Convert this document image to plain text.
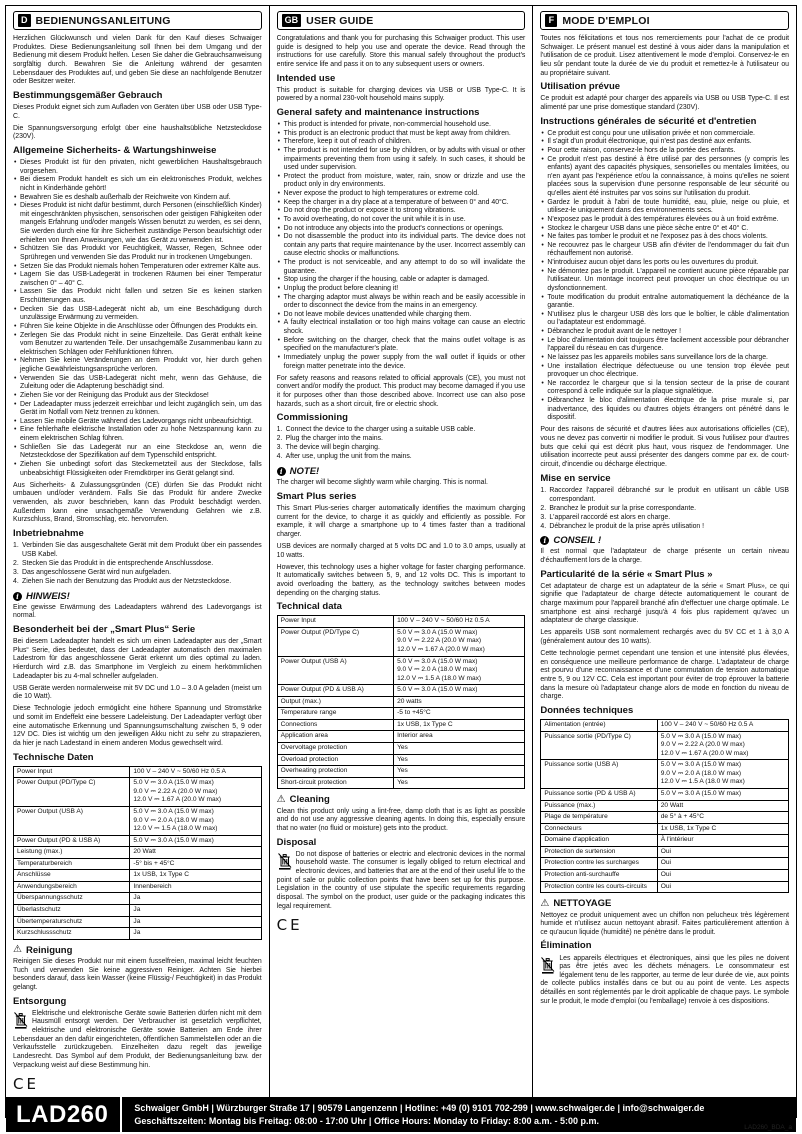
D BEDIENUNGSANLEITUNG

Herzlichen Glückwunsch und vielen Dank für den Kauf dieses Schwaiger Produktes. Diese Bedienungsanleitung soll Ihnen bei dem Umgang und der Bedienung mit diesem Produkt helfen. Lesen Sie daher die Gebrauchsanweisung sorgfältig durch. Bewahren Sie die Anleitung während der gesamten Lebensdauer des Produktes auf, und geben Sie diese an nachfolgende Benutzer oder Besitzer weiter.

Bestimmungsgemäßer Gebrauch

Dieses Produkt eignet sich zum Aufladen von Geräten über USB oder USB Type-C.

Die Spannungsversorgung erfolgt über eine haushaltsübliche Netzsteckdose (230V).

Allgemeine Sicherheits- & Wartungshinweise
• Dieses Produkt ist für den privaten, nicht gewerblichen Haushaltsgebrauch vorgesehen.
• Bei diesem Produkt handelt es sich um ein elektronisches Produkt, welches nicht in Kinderhände gehört!
• Bewahren Sie es deshalb außerhalb der Reichweite von Kindern auf.
• Dieses Produkt ist nicht dafür bestimmt, durch Personen (einschließlich Kinder) mit eingeschränkten physischen, sensorischen oder geistigen Fähigkeiten oder mangels Erfahrung und/oder mangels Wissen benutzt zu werden, es sei denn, Sie werden durch eine für ihre Sicherheit zuständige Person beaufsichtigt oder erhielten von Ihnen Anweisungen, wie das Gerät zu verwenden ist.
• Schützen Sie das Produkt vor Feuchtigkeit, Wasser, Regen, Schnee oder Sprühregen und verwenden Sie das Produkt nur in trockenen Umgebungen.
• Setzen Sie das Produkt niemals hohen Temperaturen oder extremer Kälte aus.
• Lagern Sie das USB-Ladegerät in trockenen Räumen bei einer Temperatur zwischen 0° – 40° C.
• Lassen Sie das Produkt nicht fallen und setzen Sie es keinen starken Erschütterungen aus.
• Decken Sie das USB-Ladegerät nicht ab, um eine Beschädigung durch unzulässige Erwärmung zu vermeiden.
• Führen Sie keine Objekte in die Anschlüsse oder Öffnungen des Produkts ein.
• Zerlegen Sie das Produkt nicht in seine Einzelteile. Das Gerät enthält keine vom Benutzer zu wartenden Teile. Der unsachgemäße Zusammenbau kann zu elektrischen Schlägen oder Fehlfunktionen führen.
• Nehmen Sie keine Veränderungen an dem Produkt vor, hier durch gehen jegliche Gewährleistungsansprüche verloren.
• Verwenden Sie das USB-Ladegerät nicht mehr, wenn das Gehäuse, die Zuleitung oder die Adapterung beschädigt sind.
• Ziehen Sie vor der Reinigung das Produkt aus der Steckdose!
• Der Ladeadapter muss jederzeit erreichbar und leicht zugänglich sein, um das Gerät im Notfall vom Netz trennen zu können.
• Lassen Sie mobile Geräte während des Ladevorgangs nicht unbeaufsichtigt.
• Eine fehlerhafte elektrische Installation oder zu hohe Netzspannung kann zu einem elektrischen Schlag führen.
• Schließen Sie das Ladegerät nur an eine Steckdose an, wenn die Netzsteckdose der Spezifikation auf dem Typenschild entspricht.
• Ziehen Sie unbedingt sofort das Steckernetzteil aus der Steckdose, falls unbeabsichtigt Flüssigkeiten oder Fremdkörper ins Gerät gelangt sind.

Aus Sicherheits- & Zulassungsgründen (CE) dürfen Sie das Produkt nicht umbauen und/oder verändern. Falls Sie das Produkt für andere Zwecke verwenden, als zuvor beschrieben, kann das Produkt beschädigt werden. Außerdem kann eine unsachgemäße Verwendung Gefahren wie z.B. Kurzschluss, Brand, Stromschlag, etc. hervorrufen.

Inbetriebnahme
Verbinden Sie das ausgeschaltete Gerät mit dem Produkt über ein passendes USB Kabel.
Stecken Sie das Produkt in die entsprechende Anschlussdose.
Das angeschlossene Gerät wird nun aufgeladen.
Ziehen Sie nach der Benutzung das Produkt aus der Netzsteckdose.
i HINWEIS!

Eine gewisse Erwärmung des Ladeadapters während des Ladevorgangs ist normal.

Besonderheit bei der „Smart Plus“ Serie

Bei diesem Ladeadapter handelt es sich um einen Ladeadapter aus der „Smart Plus“ Serie, dies bedeutet, dass der Ladeadapter automatisch den maximalen Ladestrom für das angeschlossene Gerät erkennt um dies optimal zu laden. Hierdurch wird z.B. das Smartphone im Vergleich zu einem herkömmlichen Ladeadapter bis zu 4-mal schneller aufgeladen.

USB Geräte werden normalerweise mit 5V DC und 1.0 – 3.0 A geladen (meist um die 10 Watt).

Diese Technologie jedoch ermöglicht eine höhere Spannung und Stromstärke und somit im Endeffekt eine bessere Ladeleistung. Der Ladeadapter verfügt über eine automatische Erkennung und Spannungsumschaltung zwischen 5, 9 oder 12V DC. Dies ist wichtig um den jeweiligen Akku nicht zu sehr zu strapazieren, da hier je nach Ladestand in einem anderen Modus gewechselt wird.

Technische Daten
Power Input	100 V – 240 V ~ 50/60 Hz 0.5 A

Power Output (PD/Type C)	5.0 V ⎓ 3.0 A (15.0 W max)
9.0 V ⎓ 2.22 A (20.0 W max)
12.0 V ⎓ 1.67 A (20.0 W max)

Power Output (USB A)	5.0 V ⎓ 3.0 A (15.0 W max)
9.0 V ⎓ 2.0 A (18.0 W max)
12.0 V ⎓ 1.5 A (18.0 W max)

Power Output (PD & USB A)	5.0 V ⎓ 3.0 A (15.0 W max)

Leistung (max.)	20 Watt

Temperaturbereich	-5° bis + 45°C

Anschlüsse	1x USB, 1x Type C

Anwendungsbereich	Innenbereich

Überspannungsschutz	Ja

Überlastschutz	Ja

Übertemperaturschutz	Ja

Kurzschlussschutz	Ja
⚠ Reinigung

Reinigen Sie dieses Produkt nur mit einem fusselfreien, maximal leicht feuchten Tuch und verwenden Sie keine aggressiven Reiniger. Achten Sie hierbei besonders darauf, dass kein Wasser (keine Flüssig-/ Feuchtigkeit) in das Produkt gelangt.

Entsorgung
Elektrische und elektronische Geräte sowie Batterien dürfen nicht mit dem Hausmüll entsorgt werden. Der Verbraucher ist gesetzlich verpflichtet, elektrische und elektronische Geräte sowie Batterien am Ende ihrer Lebensdauer an den dafür eingerichteten, öffentlichen Sammelstellen oder an die Verkaufsstelle zurückzugeben. Einzelheiten dazu regelt das jeweilige Landesrecht. Das Symbol auf dem Produkt, der Bedienungsanleitung bzw. der Verpackung weist auf diese Bestimmung hin.
CE
GB USER GUIDE

Congratulations and thank you for purchasing this Schwaiger product. This user guide is designed to help you use and operate the device. Read through the instructions for use carefully. Store this manual safely throughout the product's entire service life and pass it on to any subsequent users or owners.

Intended use

This product is suitable for charging devices via USB or USB Type-C. It is powered by a normal 230-volt household mains supply.

General safety and maintenance instructions
• This product is intended for private, non-commercial household use.
• This product is an electronic product that must be kept away from children.
• Therefore, keep it out of reach of children.
• The product is not intended for use by children, or by adults with visual or other impairments preventing them from using it safely. In such cases, it should be used under supervision.
• Protect the product from moisture, water, rain, snow or drizzle and use the product only in dry environments.
• Never expose the product to high temperatures or extreme cold.
• Keep the charger in a dry place at a temperature of between 0° and 40°C.
• Do not drop the product or expose it to strong vibrations.
• To avoid overheating, do not cover the unit while it is in use.
• Do not introduce any objects into the product's connections or openings.
• Do not disassemble the product into its individual parts. The device does not contain any parts that require maintenance by the user. Incorrect assembly can cause electric shocks or malfunctions.
• The product is not serviceable, and any attempt to do so will invalidate the guarantee.
• Stop using the charger if the housing, cable or adapter is damaged.
• Unplug the product before cleaning it!
• The charging adaptor must always be within reach and be easily accessible in order to disconnect the device from the mains in an emergency.
• Do not leave mobile devices unattended while charging them.
• A faulty electrical installation or too high mains voltage can cause an electric shock.
• Before switching on the charger, check that the mains outlet voltage is as specified on the manufacturer's plate.
• Immediately unplug the power supply from the wall outlet if liquids or other foreign matter penetrate into the device.

For safety reasons and reasons related to official approvals (CE), you must not convert and/or modify the product. This product may become damaged if you use it for purposes other than those described above. Incorrect use can also pose hazards, such as a short circuit, fire or electric shock.

Commissioning
Connect the device to the charger using a suitable USB cable.
Plug the charger into the mains.
The device will begin charging.
After use, unplug the unit from the mains.
i NOTE!

The charger will become slightly warm while charging. This is normal.

Smart Plus series

This Smart Plus-series charger automatically identifies the maximum charging current for the device, to charge it as quickly and efficiently as possible. For example, it will charge a smartphone up to 4 times faster than a traditional charger.

USB devices are normally charged at 5 volts DC and 1.0 to 3.0 amps, usually at 10 watts.

However, this technology uses a higher voltage for faster charging performance. It automatically switches between 5, 9, and 12 volts DC. This is important to avoid overloading the battery, as the technology switches between modes depending on the charging status.

Technical data
Power Input	100 V – 240 V ~ 50/60 Hz 0.5 A

Power Output (PD/Type C)	5.0 V ⎓ 3.0 A (15.0 W max)
9.0 V ⎓ 2.22 A (20.0 W max)
12.0 V ⎓ 1.67 A (20.0 W max)

Power Output (USB A)	5.0 V ⎓ 3.0 A (15.0 W max)
9.0 V ⎓ 2.0 A (18.0 W max)
12.0 V ⎓ 1.5 A (18.0 W max)

Power Output (PD & USB A)	5.0 V ⎓ 3.0 A (15.0 W max)

Output (max.)	20 watts

Temperature range	-5 to +45°C

Connections	1x USB, 1x Type C

Application area	Interior area

Overvoltage protection	Yes

Overload protection	Yes

Overheating protection	Yes

Short-circuit protection	Yes
⚠ Cleaning

Clean this product only using a lint-free, damp cloth that is as light as possible and do not use any aggressive cleaning agents. In doing this, especially ensure that no water (no fluid or moisture) gets into the product.

Disposal
Do not dispose of batteries or electric and electronic devices in the normal household waste. The consumer is legally obliged to return electrical and electronic devices, and batteries that are at the end of their useful life to the point of sale or public collection points that have been set up for this purpose. Legislation in the country of use stipulate the specific requirements regarding disposal. The symbol on the product, user guide or the packaging indicates this legal requirement.
CE
F MODE D'EMPLOI

Toutes nos félicitations et tous nos remerciements pour l'achat de ce produit Schwaiger. Le présent manuel est destiné à vous aider dans la manipulation et l'utilisation de ce produit. Lisez attentivement le mode d'emploi. Conservez-le en lieu sûr pendant toute la durée de vie du produit et remettez-le à l'utilisateur ou au propriétaire suivant.

Utilisation prévue

Ce produit est adapté pour charger des appareils via USB ou USB Type-C. Il est alimenté par une prise domestique standard (230V).

Instructions générales de sécurité et d'entretien
• Ce produit est conçu pour une utilisation privée et non commerciale.
• Il s'agit d'un produit électronique, qui n'est pas destiné aux enfants.
• Pour cette raison, conservez-le hors de la portée des enfants.
• Ce produit n'est pas destiné à être utilisé par des personnes (y compris les enfants) ayant des capacités physiques, sensorielles ou mentales limitées, ou n'en ayant pas l'expérience et/ou la connaissance, à moins qu'elles ne soient placées sous la supervision d'une personne responsable de leur sécurité ou qu'elles aient été instruites par vos soins sur l'utilisation du produit.
• Gardez le produit à l'abri de toute humidité, eau, pluie, neige ou pluie, et utilisez-le uniquement dans des environnements secs.
• N'exposez pas le produit à des températures élevées ou à un froid extrême.
• Stockez le chargeur USB dans une pièce sèche entre 0° et 40° C.
• Ne faites pas tomber le produit et ne l'exposez pas à des chocs violents.
• Ne recouvrez pas le chargeur USB afin d'éviter de l'endommager du fait d'un réchauffement non autorisé.
• N'introduisez aucun objet dans les ports ou les ouvertures du produit.
• Ne démontez pas le produit. L'appareil ne contient aucune pièce réparable par l'utilisateur. Un montage incorrect peut provoquer un choc électrique ou un dysfonctionnement.
• Toute modification du produit entraîne automatiquement la déchéance de la garantie.
• N'utilisez plus le chargeur USB dès lors que le boîtier, le câble d'alimentation ou l'adaptateur est endommagé.
• Débranchez le produit avant de le nettoyer !
• Le bloc d'alimentation doit toujours être facilement accessible pour débrancher l'appareil du réseau en cas d'urgence.
• Ne laissez pas les appareils mobiles sans surveillance lors de la charge.
• Une installation électrique défectueuse ou une tension trop élevée peut provoquer un choc électrique.
• Ne raccordez le chargeur que si la tension secteur de la prise de courant correspond à celle indiquée sur la plaque signalétique.
• Débranchez le bloc d'alimentation électrique de la prise murale si, par inadvertance, des liquides ou d'autres objets étrangers ont pénétré dans le dispositif.

Pour des raisons de sécurité et d'autres liées aux autorisations officielles (CE), vous ne devez pas convertir ni modifier le produit. Si vous l'utilisez pour d'autres buts que celui qui est décrit plus haut, vous risquez de l'endommager. Une utilisation incorrecte peut aussi présenter des dangers comme par ex. de court-circuit, d'incendie ou décharge électrique.

Mise en service
Raccordez l'appareil débranché sur le produit en utilisant un câble USB correspondant.
Branchez le produit sur la prise correspondante.
L'appareil raccordé est alors en charge.
Débranchez le produit de la prise après utilisation !
i CONSEIL !

Il est normal que l'adaptateur de charge présente un certain niveau d'échauffement lors de la charge.

Particularité de la série « Smart Plus »

Cet adaptateur de charge est un adaptateur de la série « Smart Plus», ce qui signifie que l'adaptateur de charge détecte automatiquement le courant de charge maximum pour l'appareil branché afin d'effectuer une charge optimale. Le smartphone est ainsi rechargé jusqu'à 4 fois plus rapidement qu'avec un adaptateur de charge classique.

Les appareils USB sont normalement rechargés avec du 5V CC et 1 à 3,0 A (généralement autour des 10 watts).

Cette technologie permet cependant une tension et une intensité plus élevées, en conséquence une meilleure performance de charge. L'adaptateur de charge est pourvu d'une reconnaissance et d'une commutation de tension automatique entre 5, 9 ou 12V CC. Cela est important pour éviter de trop éprouver la batterie dans la mesure où l'adaptateur change alors de mode en fonction du niveau de charge.

Données techniques
Alimentation (entrée)	100 V – 240 V ~ 50/60 Hz 0.5 A

Puissance sortie (PD/Type C)	5.0 V ⎓ 3.0 A (15.0 W max)
9.0 V ⎓ 2.22 A (20.0 W max)
12.0 V ⎓ 1.67 A (20.0 W max)

Puissance sortie (USB A)	5.0 V ⎓ 3.0 A (15.0 W max)
9.0 V ⎓ 2.0 A (18.0 W max)
12.0 V ⎓ 1.5 A (18.0 W max)

Puissance sortie (PD & USB A)	5.0 V ⎓ 3.0 A (15.0 W max)

Puissance (max.)	20 Watt

Plage de température	de 5° à + 45°C

Connecteurs	1x USB, 1x Type C

Domaine d'application	À l'intérieur

Protection de surtension	Oui

Protection contre les surcharges	Oui

Protection anti-surchauffe	Oui

Protection contre les courts-circuits	Oui
⚠ NETTOYAGE

Nettoyez ce produit uniquement avec un chiffon non pelucheux très légèrement humide et n'utilisez aucun nettoyant abrasif. Faites particulièrement attention à ce qu'aucun liquide (humidité) ne pénètre dans le produit.

Élimination
Les appareils électriques et électroniques, ainsi que les piles ne doivent pas être jetés avec les déchets ménagers. Le consommateur est légalement tenu de les rapporter, au terme de leur durée de vie, aux points de collecte publics installés dans ce but ou au point de vente. Les aspects détaillés en sont réglementés par le droit applicable de chaque pays. Le symbole sur le produit, le mode d'emploi (ou l'emballage) renvoie à ces dispositions.
LAD260	Schwaiger GmbH | Würzburger Straße 17 | 90579 Langenzenn | Hotline: +49 (0) 9101 702-299 | www.schwaiger.de | info@schwaiger.de
Geschäftszeiten: Montag bis Freitag: 08:00 - 17:00 Uhr | Office Hours: Monday to Friday: 8:00 a.m. - 5:00 p.m.
LAD260_BDA_a
